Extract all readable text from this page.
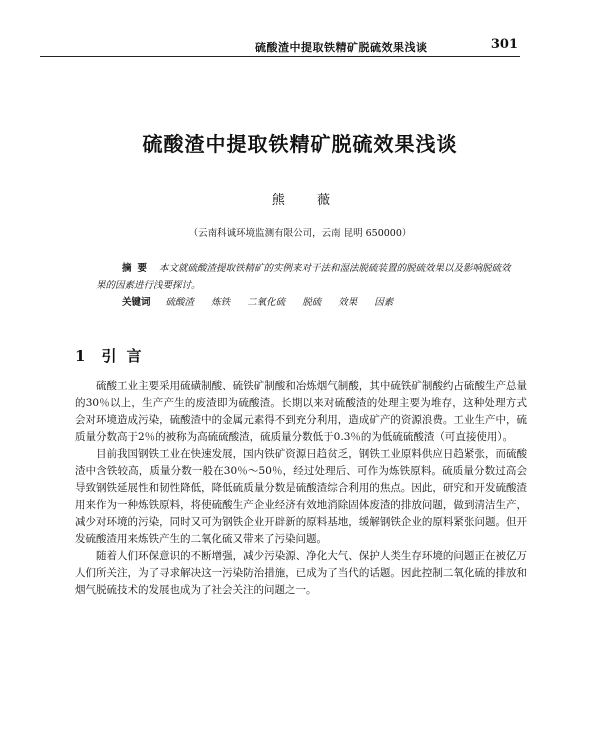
硫酸渣中提取铁精矿脱硫效果浅谈	301
硫酸渣中提取铁精矿脱硫效果浅谈
熊 薇
（云南科诚环境监测有限公司，云南 昆明 650000）
摘要 本文就硫酸渣提取铁精矿的实例来对干法和湿法脱硫装置的脱硫效果以及影响脱硫效果的因素进行浅要探讨。
关键词 硫酸渣 炼铁 二氧化硫 脱硫 效果 因素
1 引言

硫酸工业主要采用硫磺制酸、硫铁矿制酸和冶炼烟气制酸，其中硫铁矿制酸约占硫酸生产总量的30％以上，生产产生的废渣即为硫酸渣。长期以来对硫酸渣的处理主要为堆存，这种处理方式会对环境造成污染，硫酸渣中的金属元素得不到充分利用，造成矿产的资源浪费。工业生产中，硫质量分数高于2％的被称为高硫硫酸渣，硫质量分数低于0.3％的为低硫硫酸渣（可直接使用）。

目前我国钢铁工业在快速发展，国内铁矿资源日趋贫乏，钢铁工业原料供应日趋紧张，而硫酸渣中含铁较高，质量分数一般在30％～50％，经过处理后、可作为炼铁原料。硫质量分数过高会导致钢铁延展性和韧性降低，降低硫质量分数是硫酸渣综合利用的焦点。因此，研究和开发硫酸渣用来作为一种炼铁原料，将使硫酸生产企业经济有效地消除固体废渣的排放问题，做到清洁生产，减少对环境的污染，同时又可为钢铁企业开辟新的原料基地，缓解钢铁企业的原料紧张问题。但开发硫酸渣用来炼铁产生的二氧化硫又带来了污染问题。

随着人们环保意识的不断增强，减少污染源、净化大气、保护人类生存环境的问题正在被亿万人们所关注，为了寻求解决这一污染防治措施，已成为了当代的话题。因此控制二氧化硫的排放和烟气脱硫技术的发展也成为了社会关注的问题之一。
